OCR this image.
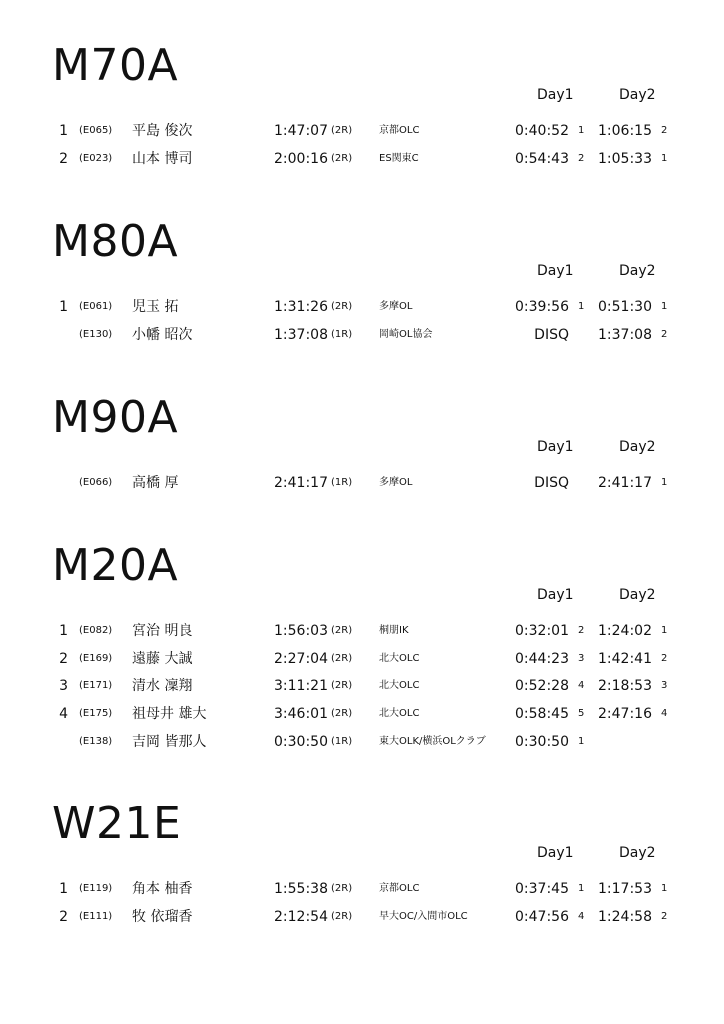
M70A
Day1	Day2
1 (E065) 平島 俊次	1:47:07 (2R)	京都OLC	0:40:52 1 1:06:15 2
2 (E023) 山本 博司	2:00:16 (2R)	ES関東C	0:54:43 2 1:05:33 1
M80A
Day1	Day2
1 (E061) 児玉 拓	1:31:26 (2R)	多摩OL	0:39:56 1 0:51:30 1
(E130) 小幡 昭次	1:37:08 (1R)	岡崎OL協会	DISQ	1:37:08 2
M90A
Day1	Day2
(E066) 高橋 厚	2:41:17 (1R)	多摩OL	DISQ	2:41:17 1
M20A
Day1	Day2
1 (E082) 宮治 明良	1:56:03 (2R)	桐朋IK	0:32:01 2 1:24:02 1
2 (E169) 遠藤 大誠	2:27:04 (2R)	北大OLC	0:44:23 3 1:42:41 2
3 (E171) 清水 凜翔	3:11:21 (2R)	北大OLC	0:52:28 4 2:18:53 3
4 (E175) 祖母井 雄大	3:46:01 (2R)	北大OLC	0:58:45 5 2:47:16 4
(E138) 吉岡 皆那人	0:30:50 (1R)	東大OLK/横浜OLクラブ	0:30:50 1
W21E
Day1	Day2
1 (E119) 角本 柚香	1:55:38 (2R)	京都OLC	0:37:45 1 1:17:53 1
2 (E111) 牧 依瑠香	2:12:54 (2R)	早大OC/入間市OLC	0:47:56 4 1:24:58 2
